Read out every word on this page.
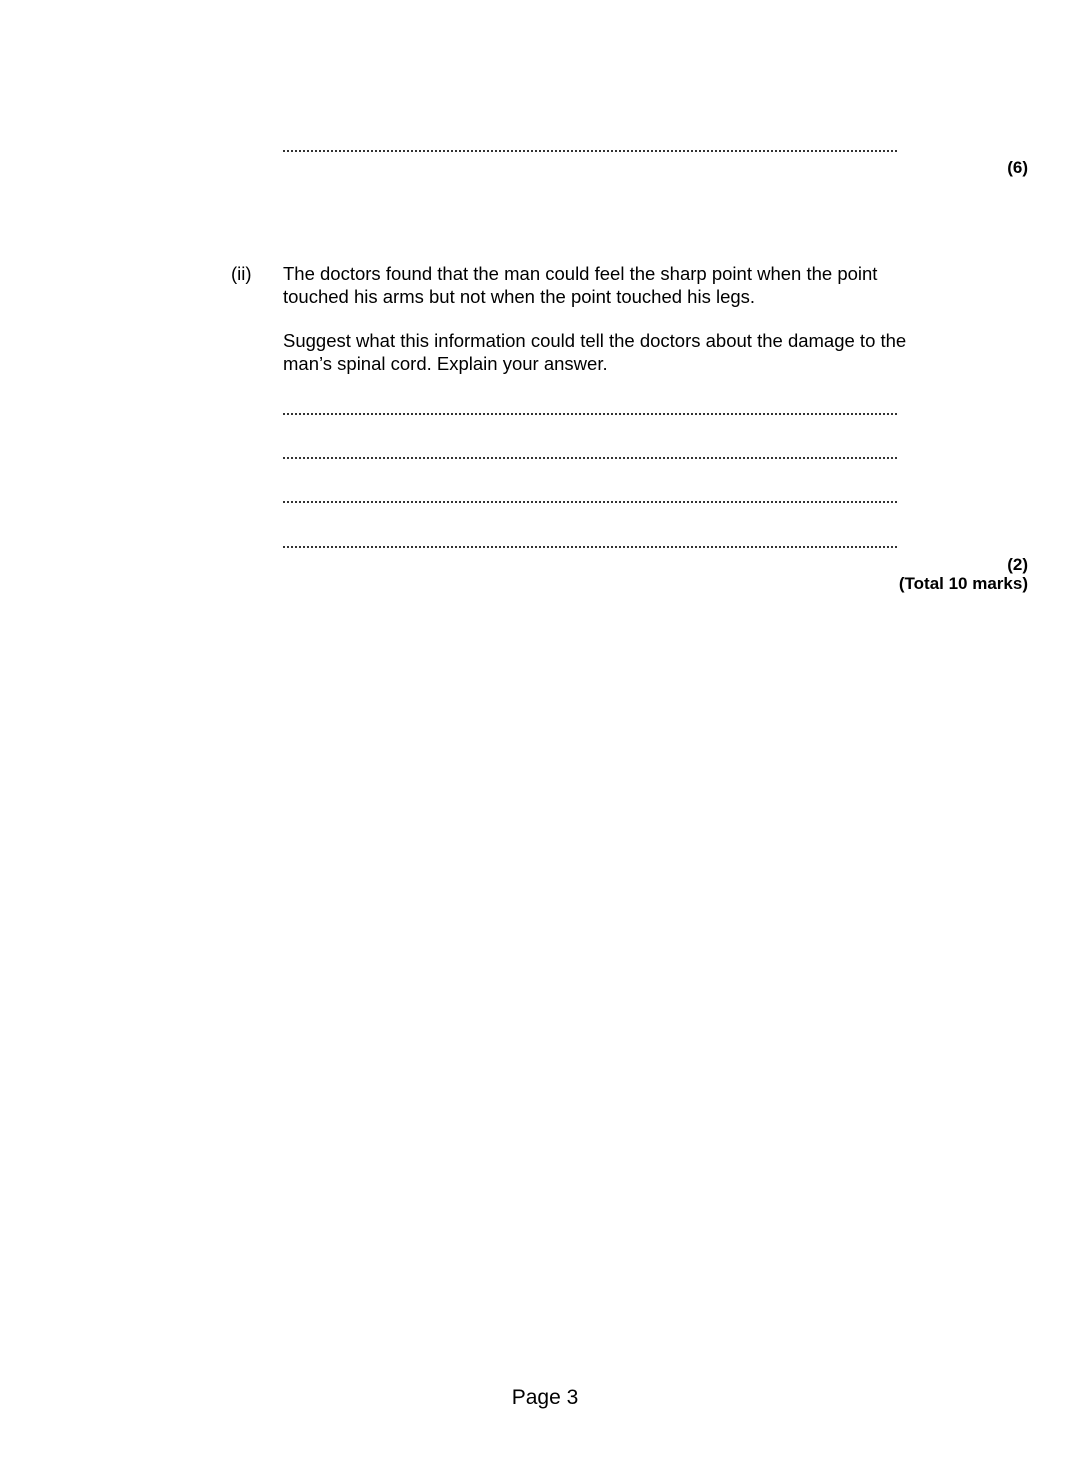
(6)
(ii) The doctors found that the man could feel the sharp point when the point
touched his arms but not when the point touched his legs.
Suggest what this information could tell the doctors about the damage to the
man’s spinal cord. Explain your answer.
(2)
(Total 10 marks)
Page 3
